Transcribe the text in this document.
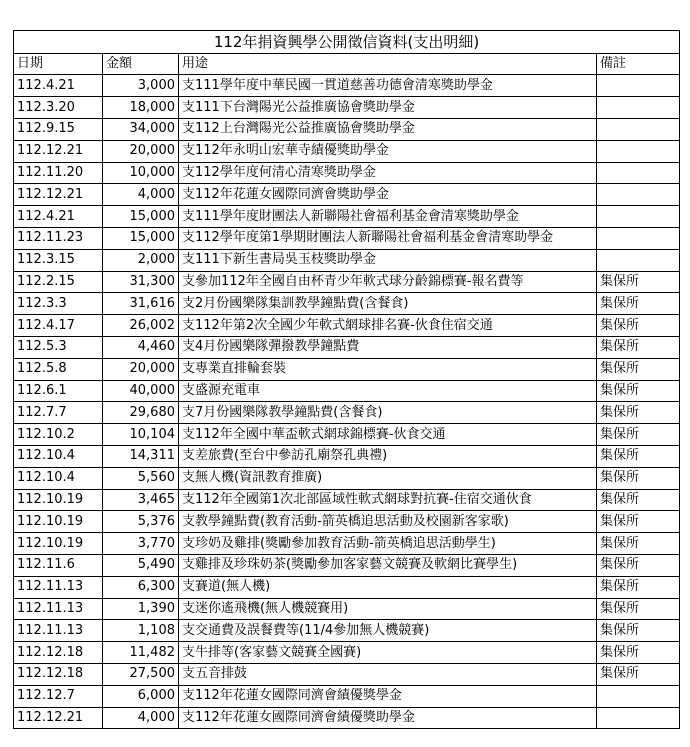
112年捐資興學公開徵信資料(支出明細)			
日期	金額	用途	備註
112.4.21	3,000	支111學年度中華民國一貫道慈善功德會清寒獎助學金	
112.3.20	18,000	支111下台灣陽光公益推廣協會獎助學金	
112.9.15	34,000	支112上台灣陽光公益推廣協會獎助學金	
112.12.21	20,000	支112年永明山宏華寺績優獎助學金	
112.11.20	10,000	支112學年度何清心清寒獎助學金	
112.12.21	4,000	支112年花蓮女國際同濟會獎助學金	
112.4.21	15,000	支111學年度財團法人新聯陽社會福利基金會清寒獎助學金	
112.11.23	15,000	支112學年度第1學期財團法人新聯陽社會福利基金會清寒助學金	
112.3.15	2,000	支111下新生書局吳玉枝獎助學金	
112.2.15	31,300	支參加112年全國自由杯青少年軟式球分齡錦標賽-報名費等	集保所
112.3.3	31,616	支2月份國樂隊集訓教學鐘點費(含餐食)	集保所
112.4.17	26,002	支112年第2次全國少年軟式網球排名賽-伙食住宿交通	集保所
112.5.3	4,460	支4月份國樂隊彈撥教學鐘點費	集保所
112.5.8	20,000	支專業直排輪套裝	集保所
112.6.1	40,000	支盛源充電車	集保所
112.7.7	29,680	支7月份國樂隊教學鐘點費(含餐食)	集保所
112.10.2	10,104	支112年全國中華盃軟式網球錦標賽-伙食交通	集保所
112.10.4	14,311	支差旅費(至台中參訪孔廟祭孔典禮)	集保所
112.10.4	5,560	支無人機(資訊教育推廣)	集保所
112.10.19	3,465	支112年全國第1次北部區域性軟式網球對抗賽-住宿交通伙食	集保所
112.10.19	5,376	支教學鐘點費(教育活動-箭英橋追思活動及校園新客家歌)	集保所
112.10.19	3,770	支珍奶及雞排(獎勵參加教育活動-箭英橋追思活動學生)	集保所
112.11.6	5,490	支雞排及珍珠奶茶(獎勵參加客家藝文競賽及軟網比賽學生)	集保所
112.11.13	6,300	支賽道(無人機)	集保所
112.11.13	1,390	支迷你遙飛機(無人機競賽用)	集保所
112.11.13	1,108	支交通費及誤餐費等(11/4參加無人機競賽)	集保所
112.12.18	11,482	支牛排等(客家藝文競賽全國賽)	集保所
112.12.18	27,500	支五音排鼓	集保所
112.12.7	6,000	支112年花蓮女國際同濟會績優獎學金	
112.12.21	4,000	支112年花蓮女國際同濟會績優獎助學金	
